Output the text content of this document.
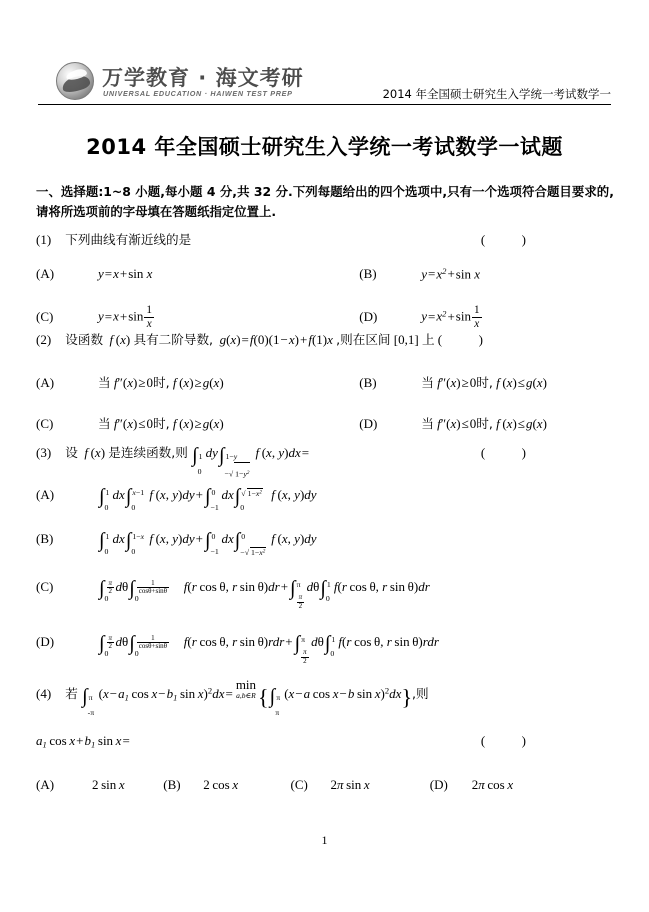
万学教育 · 海文考研
UNIVERSAL EDUCATION · HAIWEN TEST PREP	2014 年全国硕士研究生入学统一考试数学一
2014 年全国硕士研究生入学统一考试数学一试题
一、选择题:1~8 小题,每小题 4 分,共 32 分.下列每题给出的四个选项中,只有一个选项符合题目要求的,请将所选项前的字母填在答题纸指定位置上.
(1) 下列曲线有渐近线的是	(  )
(A)	y=x+sin x	(B)	$y=x^2+\sin$ x
(C)	$y=x+\sin \frac{1}{x}$	(D)	$y=x^2+\sin \frac{1}{x}$
(2) 设函数  f  (x) 具有二阶导数,  g(x)=f(0)(1−x)+f(1)x ,则在区间 [0,1] 上 (  )
(A)	当 f″(x)≥0时, f  (x)≥g(x)	(B)	当 f″(x)≥0时, f  (x)≤g(x)
(C)	当 f″(x)≤0时, f  (x)≥g(x)	(D)	当 f″(x)≤0时, f  (x)≤g(x)
(3) 设  f  (x) 是连续函数,则 ∫ 1
0
dy∫ 1−y
−√ $1-y^2$
f  (x, y)dx=	(  )
(A) ∫ 1
0
dx∫ x−1
0
f  (x, y)dy+∫ 0
−1
dx∫ √ $1-x^2$
0
f  (x, y)dy
(B) ∫ 1
0
dx∫ 1−x
0
f  (x, y)dy+∫ 0
−1
dx∫ 0
−√ $1-x^2$
f  (x, y)dy
(C) ∫ $\frac{\pi}{2}$
0
$d\theta\int \frac{1}{\cos\theta+\sin\theta}$
0
f(r  cos  θ, r  sin  θ)dr+∫ π
$\frac{\pi}{2}$
dθ∫ 1
0
f(r  cos  θ, r  sin  θ)dr
(D) ∫ $\frac{\pi}{2}$
0
$d\theta\int \frac{1}{\cos\theta+\sin\theta}$
0
f(r  cos  θ, r  sin  θ)rdr+∫ π
$\frac{\pi}{2}$
dθ∫ 1
0
f(r  cos  θ, r  sin  θ)rdr
(4) 若 ∫ π
-π
($x-a_1$  $\cos x-b_1$  sin  x)$^2$dx=
min
a,b∈R {∫ π
π
(x−a  cos  x−b  sin  x)$^2$dx},则
$a_1$  $\cos x+b_1$  sin  x=	(  )
(A)	2  sin  x	(B) 2  cos  x	(C) 2π  sin  x	(D) 2π  cos  x
1
